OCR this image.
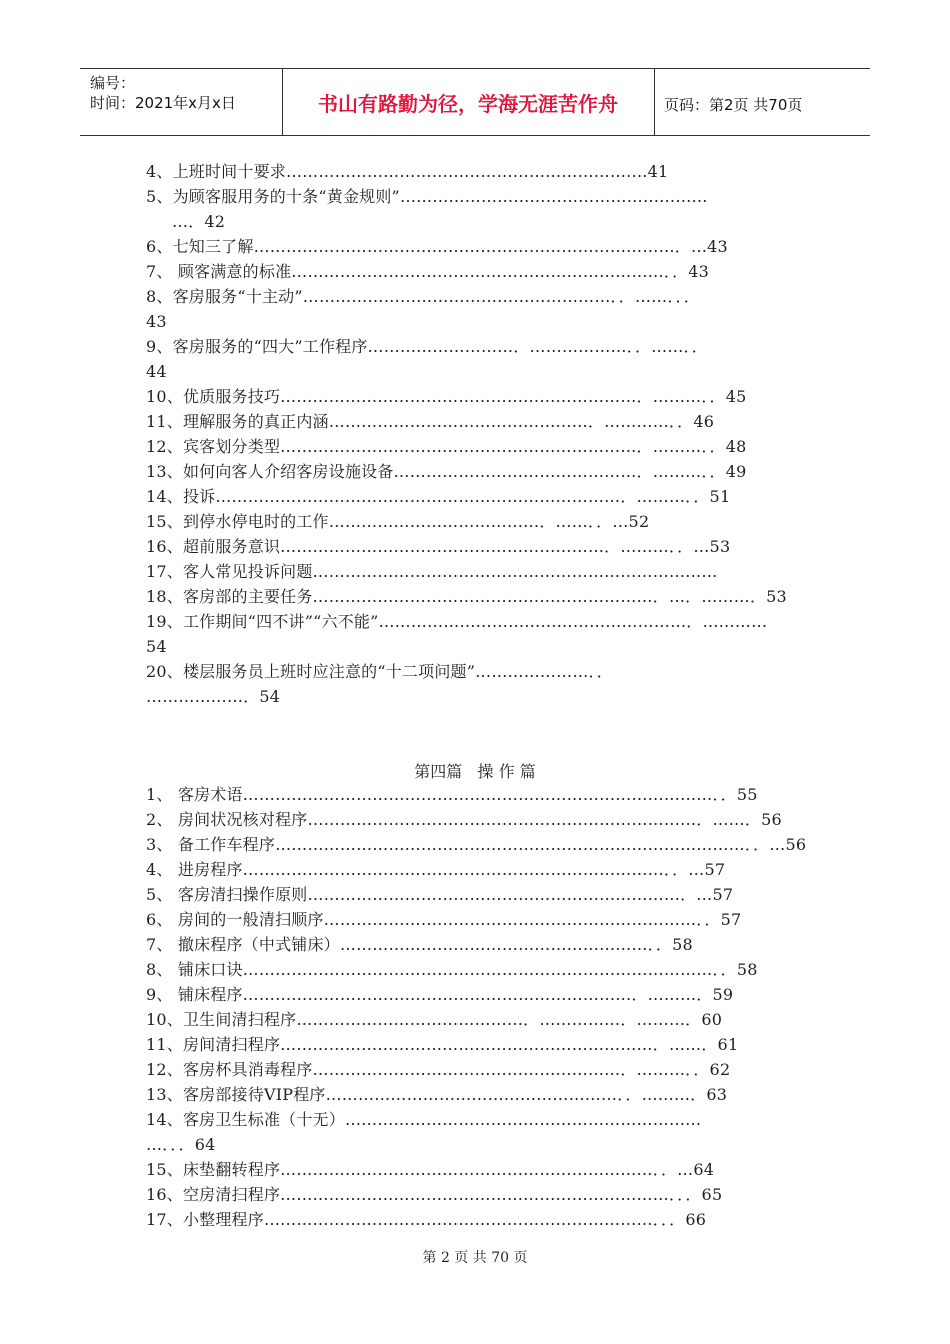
编号：
时间：2021年x月x日	书山有路勤为径，学海无涯苦作舟	页码：第2页 共70页
4、上班时间十要求……………………………………………………….…41
5、为顾客服用务的十条“黄金规则”…………………………………………………
…．42
6、七知三了解……………………………………………………………………．…43
7、 顾客满意的标准……………………………………………………………．．43
8、客房服务“十主动”…………………………………………………．．……．．．
43
9、客房服务的“四大”工作程序………………………．………………．．……．．
44
10、优质服务技巧…………………………………………………………．………．．45
11、理解服务的真正内涵…………………………………………．…………．．46
12、宾客划分类型…………………………………………………………．………．．48
13、如何向客人介绍客房设施设备………………………………………．………．．49
14、投诉…………………………………………………………………．………．．51
15、到停水停电时的工作…………………………………．……．．…52
16、超前服务意识……………………………………………………．………．．…53
17、客人常见投诉问题…………………………………………………………………
18、客房部的主要任务………………………………………………………．…．………．53
19、工作期间“四不讲”“六不能”…………………………………………………．…………
54
20、楼层服务员上班时应注意的“十二项问题”…………………．．
………………．54
第四篇   操 作 篇
1、 客房术语……………………………………………………………………………．．55
2、 房间状况核对程序………………………………………………………………．……．56
3、 备工作车程序……………………………………………………………………………．．…56
4、 进房程序……………………………………………………………………．．…57
5、 客房清扫操作原则……………………………………………………………．…57
6、 房间的一般清扫顺序……………………………………………………………．．57
7、 撤床程序（中式铺床）…………………………………………………．．58
8、 铺床口诀……………………………………………………………………………．．58
9、 铺床程序………………………………………………………………．………．59
10、卫生间清扫程序……………………………………．……………．………．60
11、房间清扫程序……………………………………………………………．……．61
12、客房杯具消毒程序…………………………………………………．………．．62
13、客房部接待VIP程序………………………………………………．．………．63
14、客房卫生标准（十无）…………………………………………………………
…．．．64
15、床垫翻转程序……………………………………………………………．．…64
16、空房清扫程序………………………………………………………………．．．65
17、小整理程序………………………………………………………………．．．66
第 2 页 共 70 页
